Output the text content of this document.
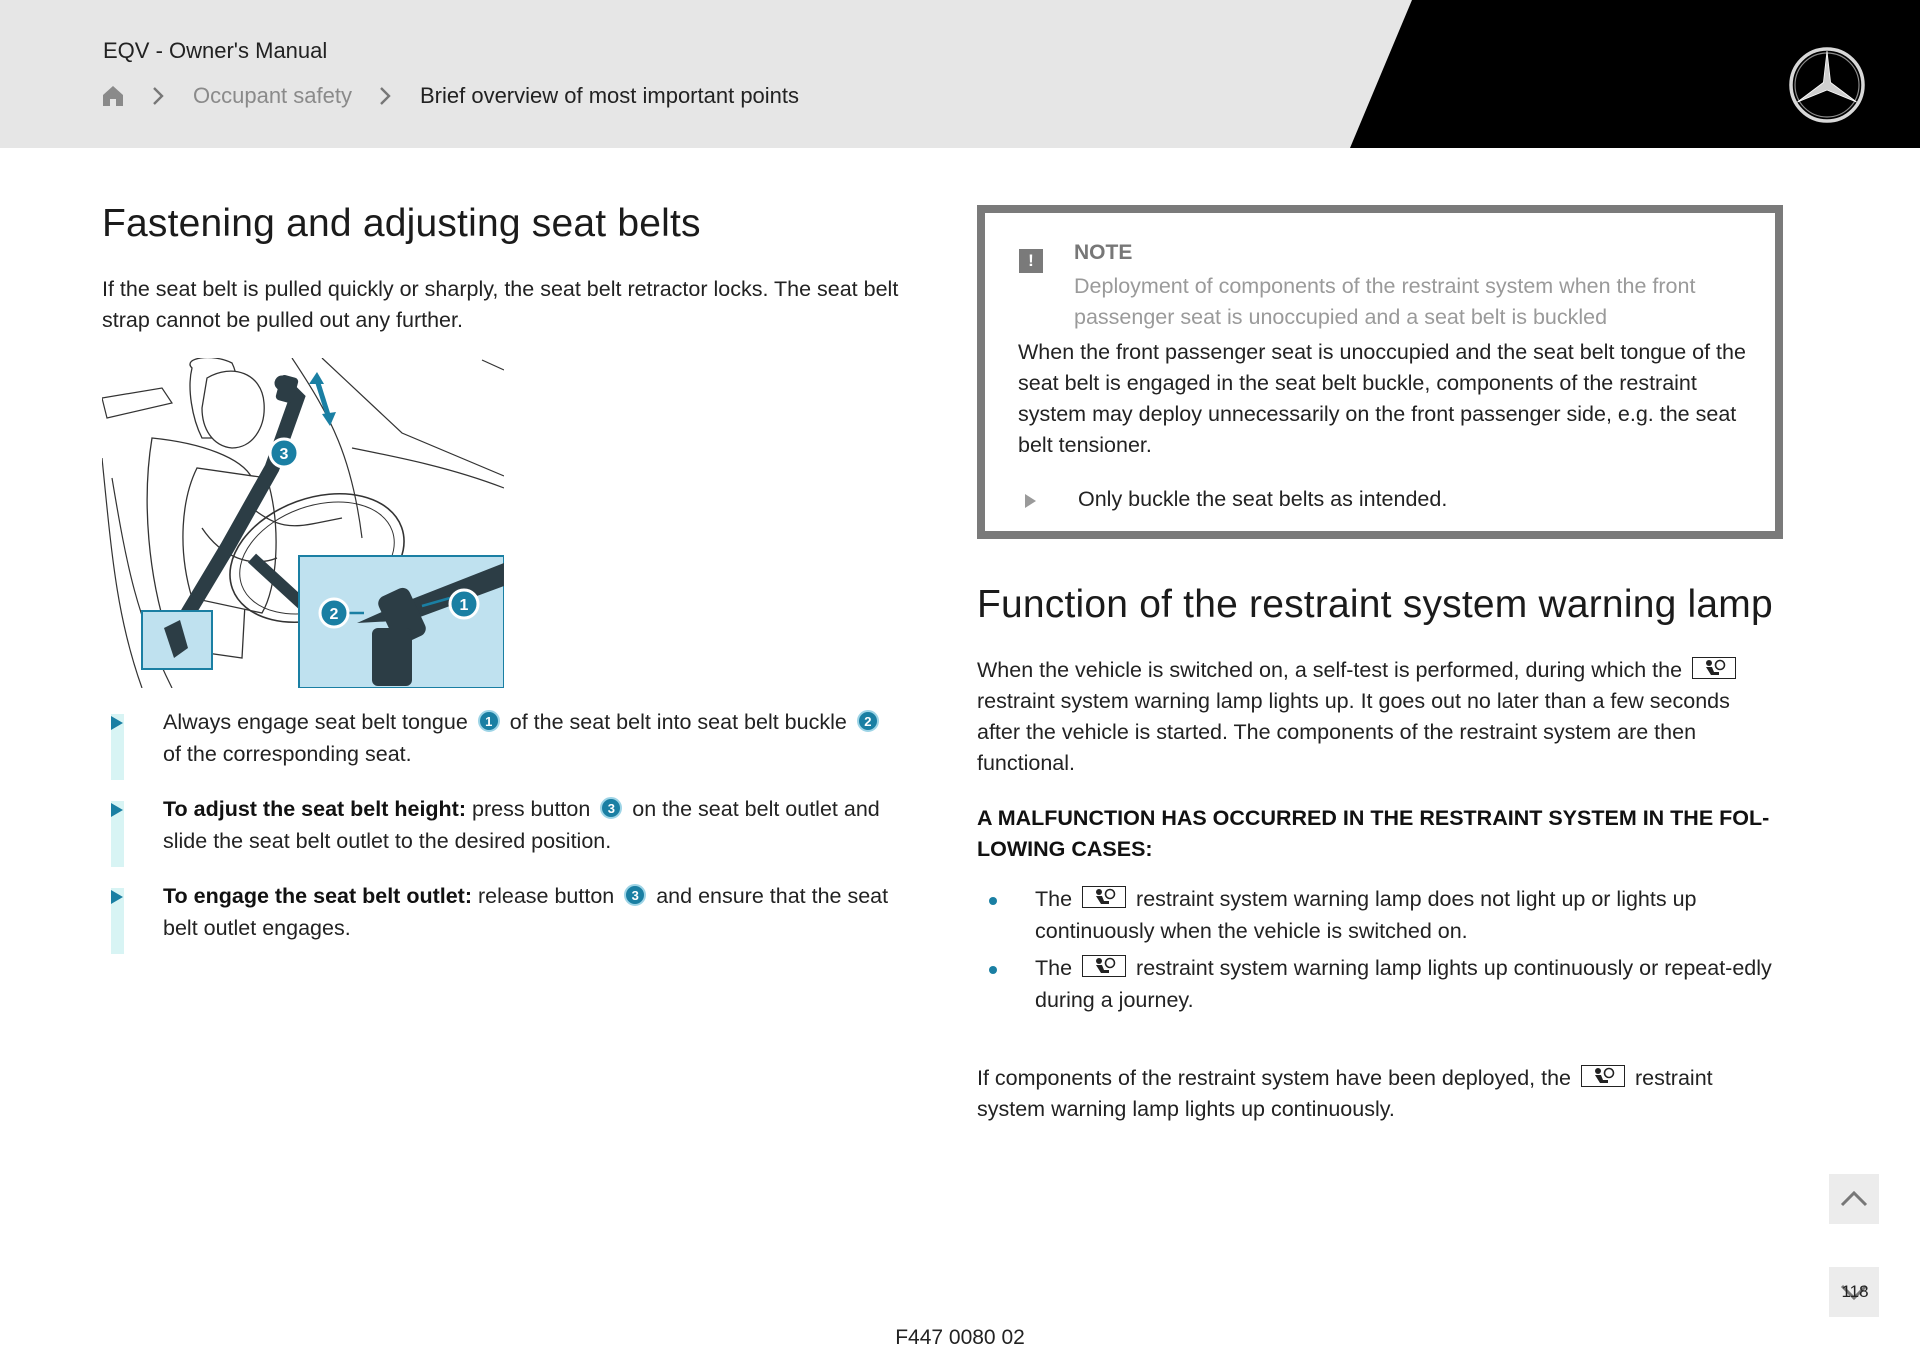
EQV - Owner's Manual
Occupant safety	Brief overview of most important points
Fastening and adjusting seat belts

If the seat belt is pulled quickly or sharply, the seat belt retractor locks. The seat belt strap cannot be pulled out any further.

3
2
1
Always engage seat belt tongue 1 of the seat belt into seat belt buckle 2 of the corresponding seat.
To adjust the seat belt height: press button 3 on the seat belt outlet and slide the seat belt outlet to the desired position.
To engage the seat belt outlet: release button 3 and ensure that the seat belt outlet engages.
!	NOTE
Deployment of components of the restraint system when the front passenger seat is unoccupied and a seat belt is buckled
When the front passenger seat is unoccupied and the seat belt tongue of the seat belt is engaged in the seat belt buckle, components of the restraint system may deploy unnecessarily on the front passenger side, e.g. the seat belt tensioner.
Only buckle the seat belts as intended.
Function of the restraint system warning lamp

When the vehicle is switched on, a self-test is performed, during which the
restraint system warning lamp lights up. It goes out no later than a few seconds after the vehicle is started. The components of the restraint system are then functional.

A MALFUNCTION HAS OCCURRED IN THE RESTRAINT SYSTEM IN THE FOL-LOWING CASES:
The	restraint system warning lamp does not light up or lights up continuously when the vehicle is switched on.
The	restraint system warning lamp lights up continuously or repeat-edly during a journey.

If components of the restraint system have been deployed, the	restraint system warning lamp lights up continuously.

118
F447 0080 02
